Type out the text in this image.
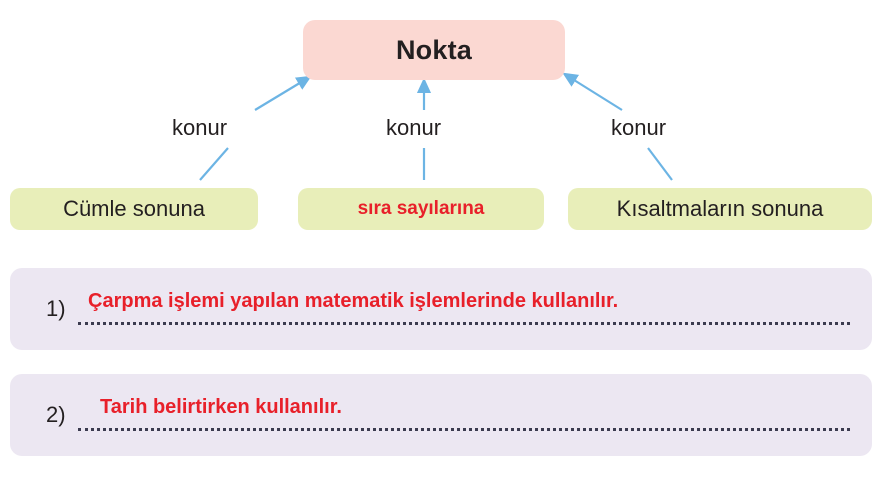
Nokta
konur	konur	konur
Cümle sonuna	sıra sayılarına	Kısaltmaların sonuna
1) Çarpma işlemi yapılan matematik işlemlerinde kullanılır.
2) Tarih belirtirken kullanılır.
